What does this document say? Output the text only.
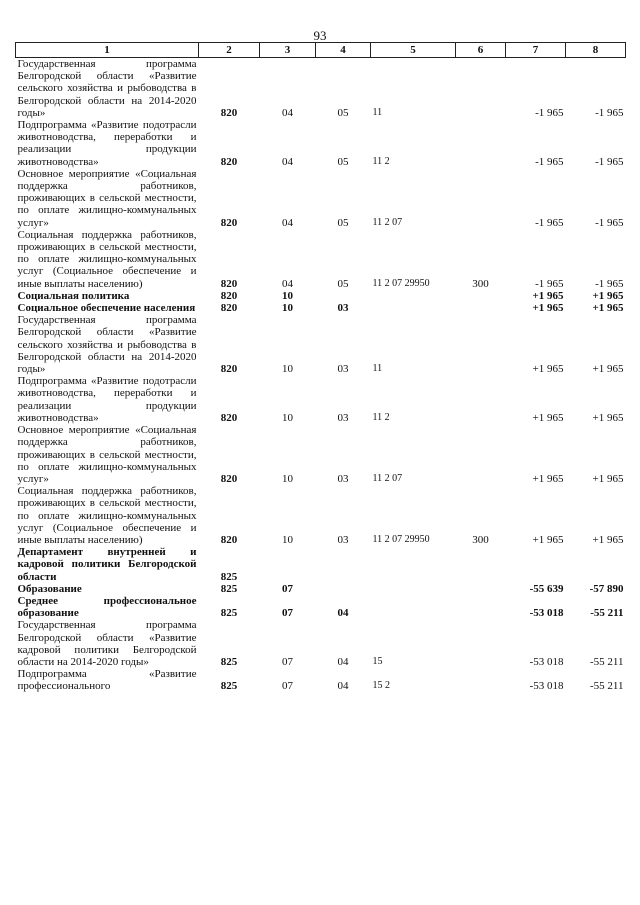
93
1	2	3	4	5	6	7	8
Государственная программа Белгородской области «Развитие сельского хозяйства и рыбоводства в Белгородской области на 2014-2020 годы»	820	04	05	11		-1 965	-1 965
Подпрограмма «Развитие подотрасли животноводства, переработки и реализации продукции животноводства»	820	04	05	11 2		-1 965	-1 965
Основное мероприятие «Социальная поддержка работников, проживающих в сельской местности, по оплате жилищно-коммунальных услуг»	820	04	05	11 2 07		-1 965	-1 965
Социальная поддержка работников, проживающих в сельской местности, по оплате жилищно-коммунальных услуг (Социальное обеспечение и иные выплаты населению)	820	04	05	11 2 07 29950	300	-1 965	-1 965
Социальная политика	820	10				+1 965	+1 965
Социальное обеспечение населения	820	10	03			+1 965	+1 965
Государственная программа Белгородской области «Развитие сельского хозяйства и рыбоводства в Белгородской области на 2014-2020 годы»	820	10	03	11		+1 965	+1 965
Подпрограмма «Развитие подотрасли животноводства, переработки и реализации продукции животноводства»	820	10	03	11 2		+1 965	+1 965
Основное мероприятие «Социальная поддержка работников, проживающих в сельской местности, по оплате жилищно-коммунальных услуг»	820	10	03	11 2 07		+1 965	+1 965
Социальная поддержка работников, проживающих в сельской местности, по оплате жилищно-коммунальных услуг (Социальное обеспечение и иные выплаты населению)	820	10	03	11 2 07 29950	300	+1 965	+1 965
Департамент внутренней и кадровой политики Белгородской области	825						
Образование	825	07				-55 639	-57 890
Среднее профессиональное образование	825	07	04			-53 018	-55 211
Государственная программа Белгородской области «Развитие кадровой политики Белгородской области на 2014-2020 годы»	825	07	04	15		-53 018	-55 211
Подпрограмма «Развитие профессионального	825	07	04	15 2		-53 018	-55 211
